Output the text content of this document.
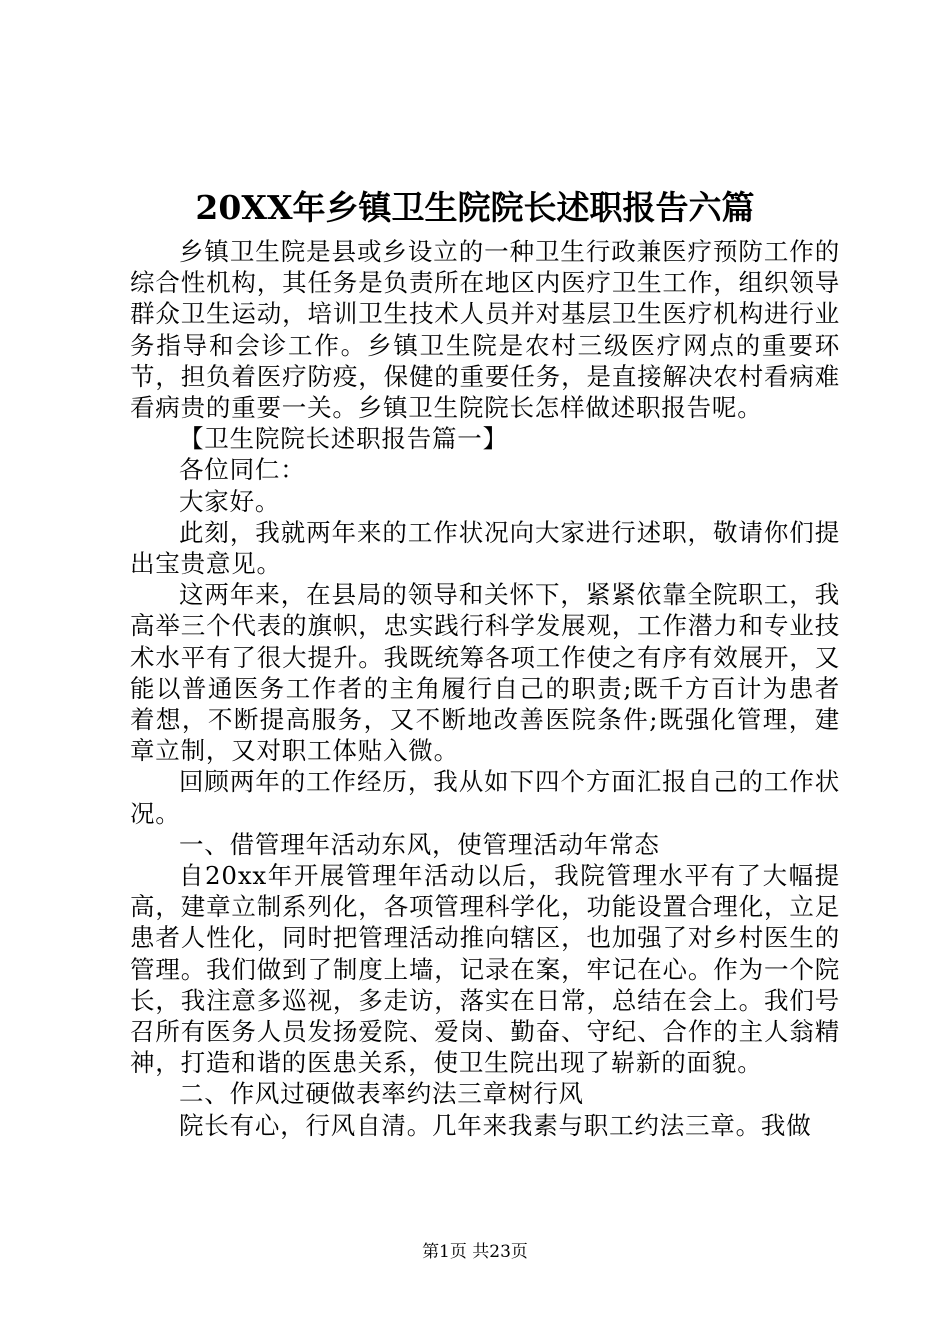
20XX年乡镇卫生院院长述职报告六篇

乡镇卫生院是县或乡设立的一种卫生行政兼医疗预防工作的综合性机构，其任务是负责所在地区内医疗卫生工作，组织领导群众卫生运动，培训卫生技术人员并对基层卫生医疗机构进行业务指导和会诊工作。乡镇卫生院是农村三级医疗网点的重要环节，担负着医疗防疫，保健的重要任务，是直接解决农村看病难看病贵的重要一关。乡镇卫生院院长怎样做述职报告呢。

【卫生院院长述职报告篇一】

各位同仁：

大家好。

此刻，我就两年来的工作状况向大家进行述职，敬请你们提出宝贵意见。

这两年来，在县局的领导和关怀下，紧紧依靠全院职工，我高举三个代表的旗帜，忠实践行科学发展观，工作潜力和专业技术水平有了很大提升。我既统筹各项工作使之有序有效展开，又能以普通医务工作者的主角履行自己的职责;既千方百计为患者着想，不断提高服务，又不断地改善医院条件;既强化管理，建章立制，又对职工体贴入微。

回顾两年的工作经历，我从如下四个方面汇报自己的工作状况。

一、借管理年活动东风，使管理活动年常态

自20xx年开展管理年活动以后，我院管理水平有了大幅提高，建章立制系列化，各项管理科学化，功能设置合理化，立足患者人性化，同时把管理活动推向辖区，也加强了对乡村医生的管理。我们做到了制度上墙，记录在案，牢记在心。作为一个院长，我注意多巡视，多走访，落实在日常，总结在会上。我们号召所有医务人员发扬爱院、爱岗、勤奋、守纪、合作的主人翁精神，打造和谐的医患关系，使卫生院出现了崭新的面貌。

二、作风过硬做表率约法三章树行风

院长有心，行风自清。几年来我素与职工约法三章。我做

第1页 共23页
